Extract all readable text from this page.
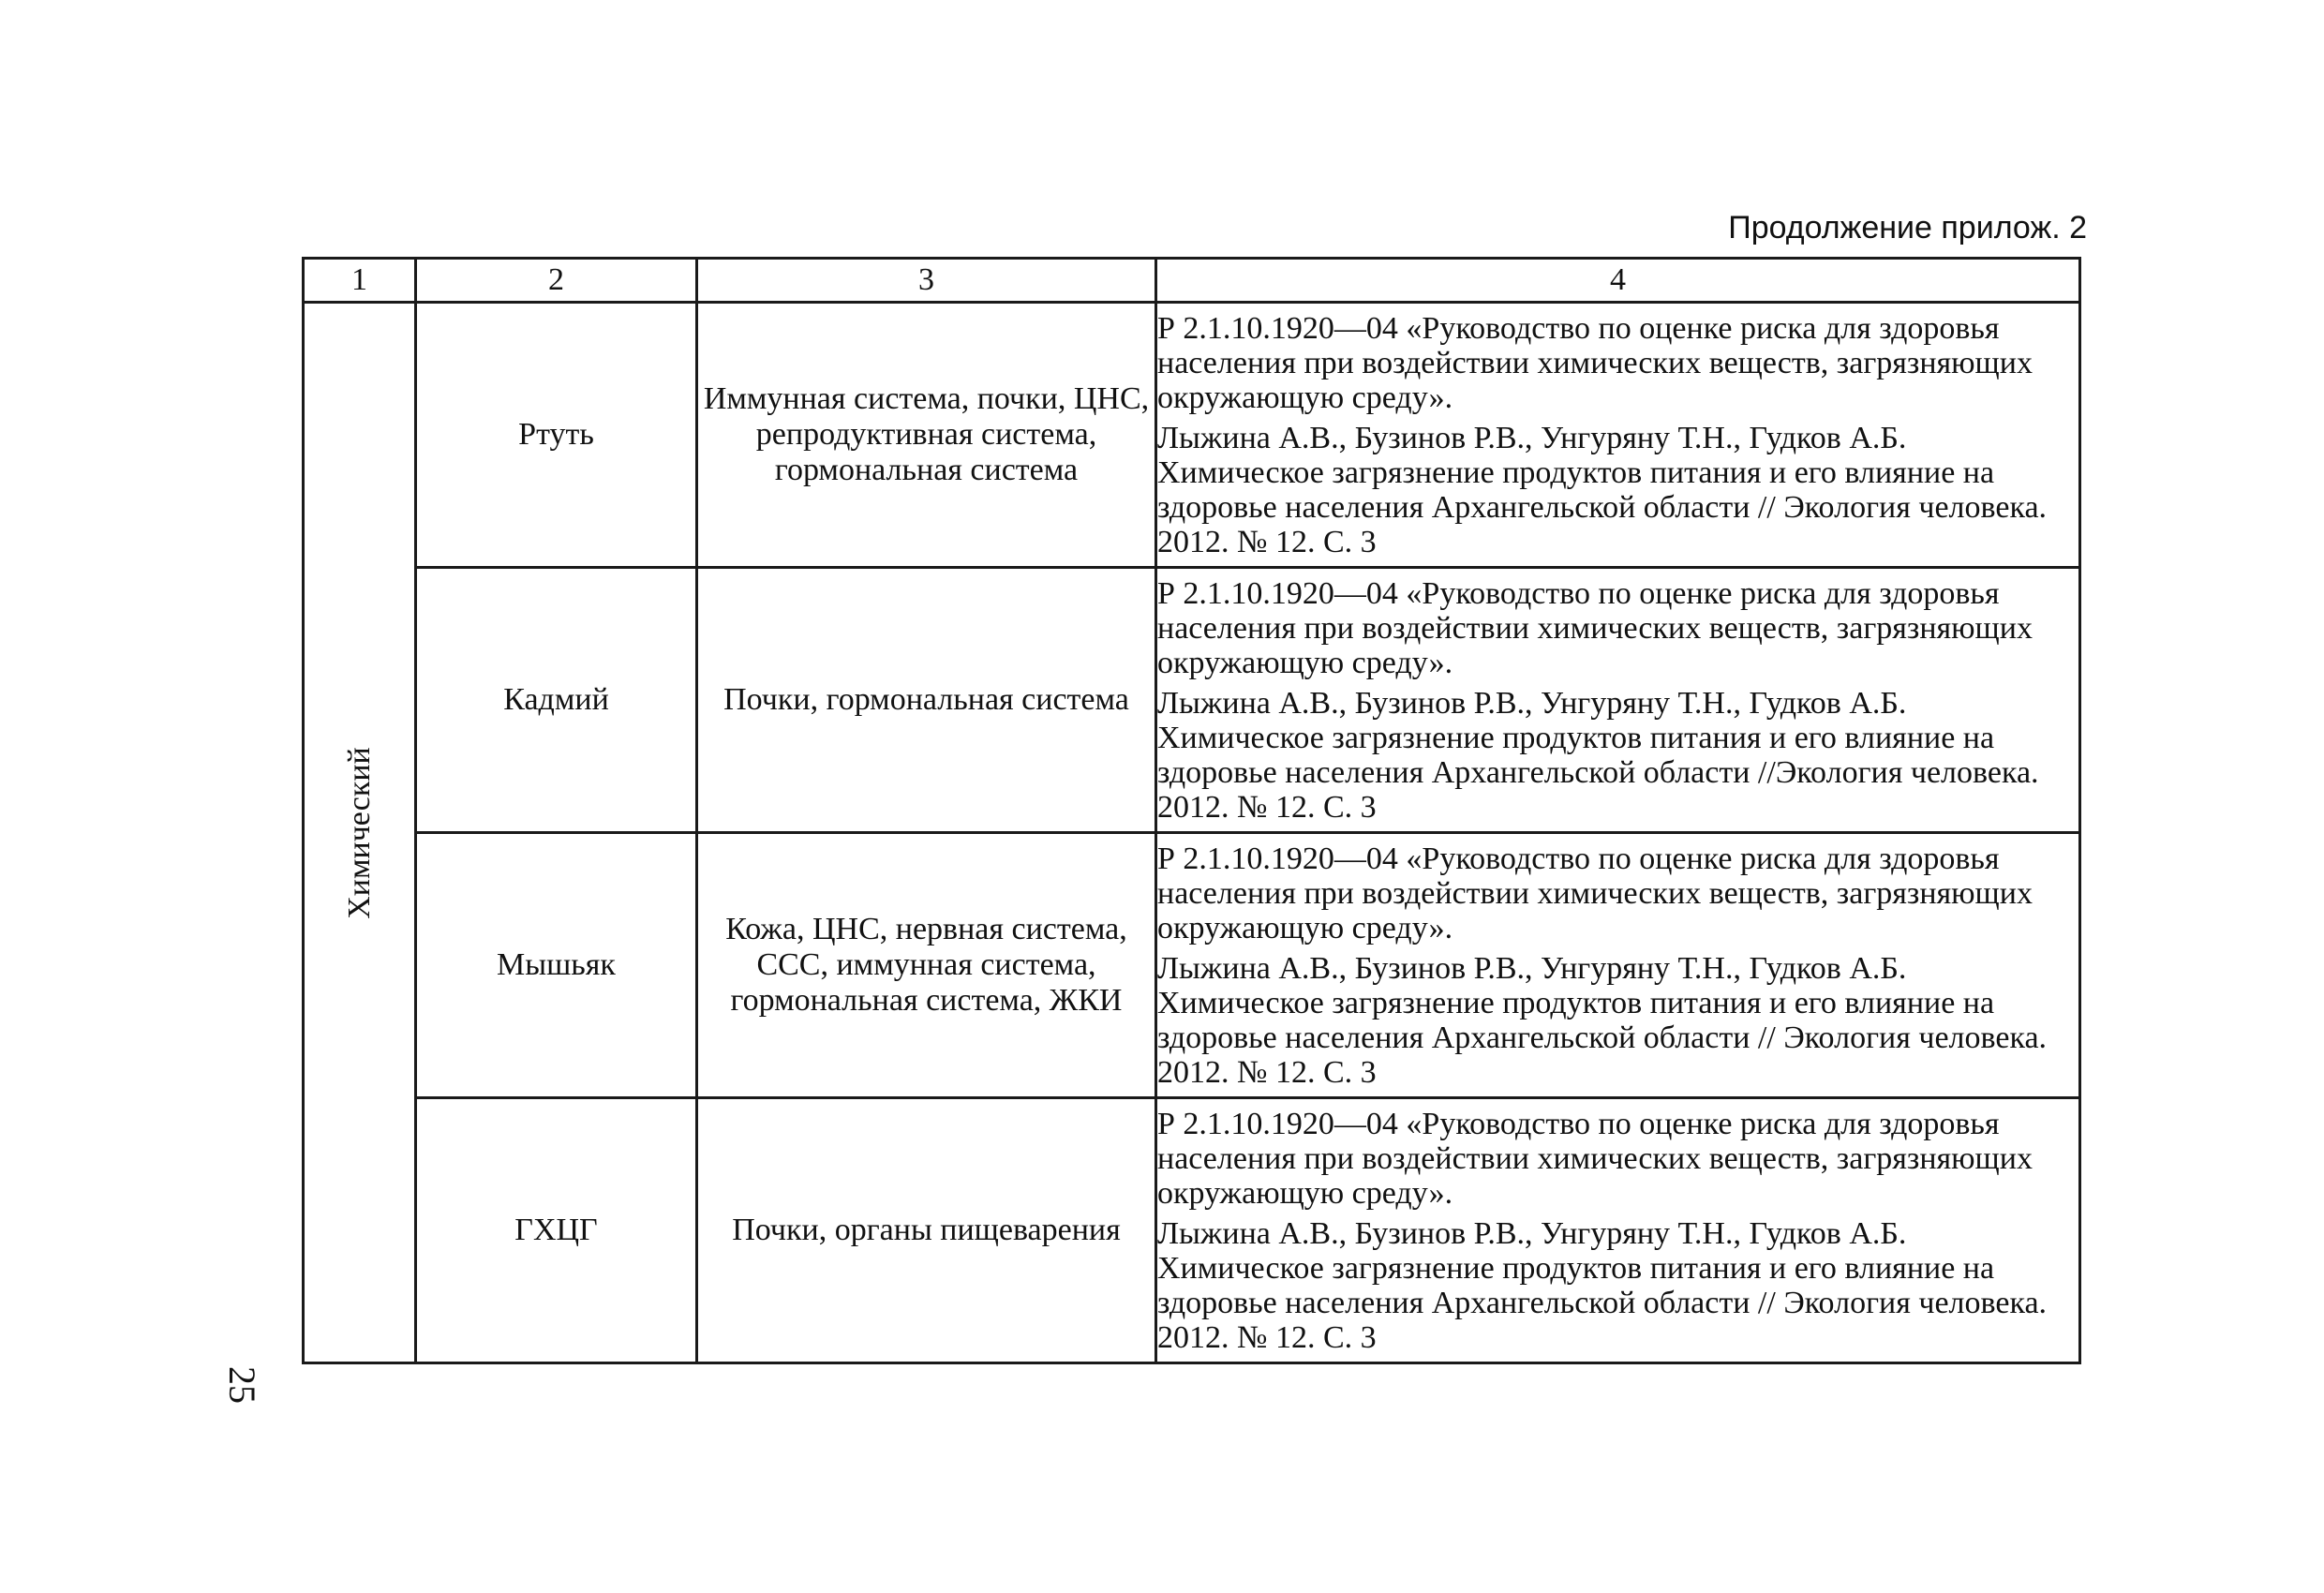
Продолжение прилож. 2
1	2	3	4

Химический	Ртуть	Иммунная система, почки, ЦНС, репродуктивная система, гормональная система	Р 2.1.10.1920—04 «Руководство по оценке риска для здоровья населения при воздействии химических веществ, загрязняющих окружающую среду».

Лыжина А.В., Бузинов Р.В., Унгуряну Т.Н., Гудков А.Б. Химическое загрязнение продуктов питания и его влияние на здоровье населения Архангельской области // Экология человека. 2012. № 12. С. 3

	Кадмий	Почки, гормональная система	Р 2.1.10.1920—04 «Руководство по оценке риска для здоровья населения при воздействии химических веществ, загрязняющих окружающую среду».

Лыжина А.В., Бузинов Р.В., Унгуряну Т.Н., Гудков А.Б. Химическое загрязнение продуктов питания и его влияние на здоровье населения Архангельской области //Экология человека. 2012. № 12. С. 3

	Мышьяк	Кожа, ЦНС, нервная система, ССС, иммунная система, гормональная система, ЖКИ	Р 2.1.10.1920—04 «Руководство по оценке риска для здоровья населения при воздействии химических веществ, загрязняющих окружающую среду».

Лыжина А.В., Бузинов Р.В., Унгуряну Т.Н., Гудков А.Б. Химическое загрязнение продуктов питания и его влияние на здоровье населения Архангельской области // Экология человека. 2012. № 12. С. 3

	ГХЦГ	Почки, органы пищеварения	Р 2.1.10.1920—04 «Руководство по оценке риска для здоровья населения при воздействии химических веществ, загрязняющих окружающую среду».

Лыжина А.В., Бузинов Р.В., Унгуряну Т.Н., Гудков А.Б. Химическое загрязнение продуктов питания и его влияние на здоровье населения Архангельской области // Экология человека. 2012. № 12. С. 3

25
